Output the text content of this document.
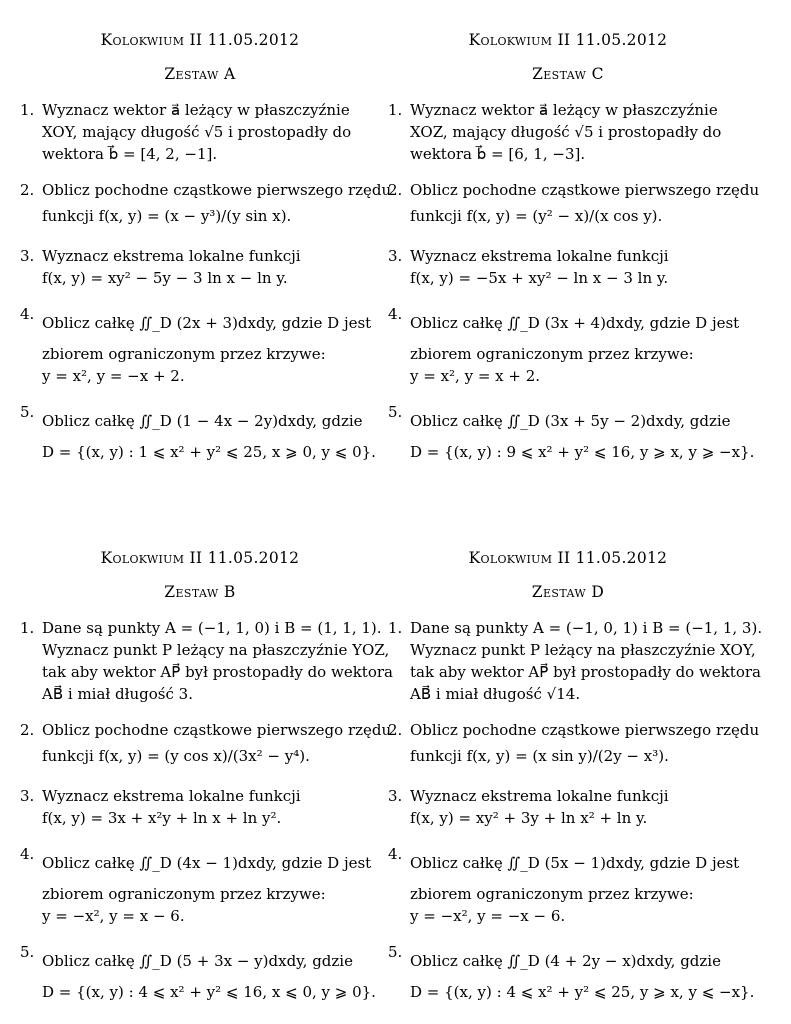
Kolokwium II 11.05.2012
Zestaw A
1. Wyznacz wektor a⃗ leżący w płaszczyźnie
XOY, mający długość √5 i prostopadły do
wektora b⃗ = [4, 2, −1].
2. Oblicz pochodne cząstkowe pierwszego rzędu
funkcji f(x, y) = (x − y³)/(y sin x).
3. Wyznacz ekstrema lokalne funkcji
f(x, y) = xy² − 5y − 3 ln x − ln y.
4. Oblicz całkę ∬_D (2x + 3)dxdy, gdzie D jest
zbiorem ograniczonym przez krzywe:
y = x², y = −x + 2.
5. Oblicz całkę ∬_D (1 − 4x − 2y)dxdy, gdzie
D = {(x, y) : 1 ⩽ x² + y² ⩽ 25, x ⩾ 0, y ⩽ 0}.
Kolokwium II 11.05.2012
Zestaw C
1. Wyznacz wektor a⃗ leżący w płaszczyźnie
XOZ, mający długość √5 i prostopadły do
wektora b⃗ = [6, 1, −3].
2. Oblicz pochodne cząstkowe pierwszego rzędu
funkcji f(x, y) = (y² − x)/(x cos y).
3. Wyznacz ekstrema lokalne funkcji
f(x, y) = −5x + xy² − ln x − 3 ln y.
4. Oblicz całkę ∬_D (3x + 4)dxdy, gdzie D jest
zbiorem ograniczonym przez krzywe:
y = x², y = x + 2.
5. Oblicz całkę ∬_D (3x + 5y − 2)dxdy, gdzie
D = {(x, y) : 9 ⩽ x² + y² ⩽ 16, y ⩾ x, y ⩾ −x}.
Kolokwium II 11.05.2012
Zestaw B
1. Dane są punkty A = (−1, 1, 0) i B = (1, 1, 1).
Wyznacz punkt P leżący na płaszczyźnie YOZ,
tak aby wektor AP⃗ był prostopadły do wektora
AB⃗ i miał długość 3.
2. Oblicz pochodne cząstkowe pierwszego rzędu
funkcji f(x, y) = (y cos x)/(3x² − y⁴).
3. Wyznacz ekstrema lokalne funkcji
f(x, y) = 3x + x²y + ln x + ln y².
4. Oblicz całkę ∬_D (4x − 1)dxdy, gdzie D jest
zbiorem ograniczonym przez krzywe:
y = −x², y = x − 6.
5. Oblicz całkę ∬_D (5 + 3x − y)dxdy, gdzie
D = {(x, y) : 4 ⩽ x² + y² ⩽ 16, x ⩽ 0, y ⩾ 0}.
Kolokwium II 11.05.2012
Zestaw D
1. Dane są punkty A = (−1, 0, 1) i B = (−1, 1, 3).
Wyznacz punkt P leżący na płaszczyźnie XOY,
tak aby wektor AP⃗ był prostopadły do wektora
AB⃗ i miał długość √14.
2. Oblicz pochodne cząstkowe pierwszego rzędu
funkcji f(x, y) = (x sin y)/(2y − x³).
3. Wyznacz ekstrema lokalne funkcji
f(x, y) = xy² + 3y + ln x² + ln y.
4. Oblicz całkę ∬_D (5x − 1)dxdy, gdzie D jest
zbiorem ograniczonym przez krzywe:
y = −x², y = −x − 6.
5. Oblicz całkę ∬_D (4 + 2y − x)dxdy, gdzie
D = {(x, y) : 4 ⩽ x² + y² ⩽ 25, y ⩾ x, y ⩽ −x}.
